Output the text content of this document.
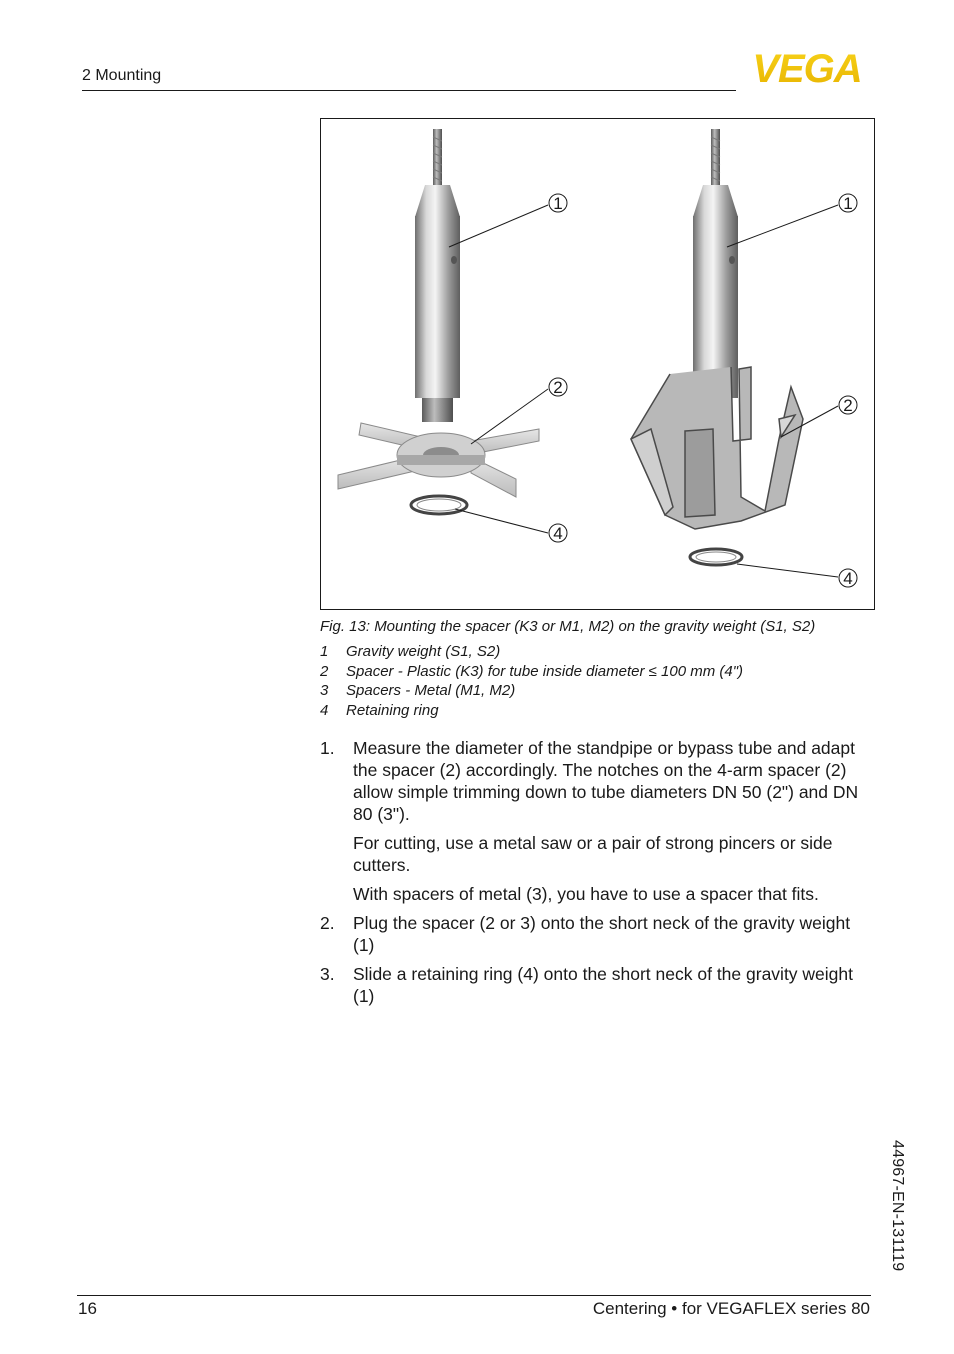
2 Mounting	VEGA
1
2
4
1
2
4
Fig. 13: Mounting the spacer (K3 or M1, M2) on the gravity weight (S1, S2)
1 Gravity weight (S1, S2)
2 Spacer - Plastic (K3) for tube inside diameter ≤ 100 mm (4")
3 Spacers - Metal (M1, M2)
4 Retaining ring
1.	Measure the diameter of the standpipe or bypass tube and adapt the spacer (2) accordingly. The notches on the 4-arm spacer (2) allow simple trimming down to tube diameters DN 50 (2") and DN 80 (3").

For cutting, use a metal saw or a pair of strong pincers or side cutters.

With spacers of metal (3), you have to use a spacer that fits.

2.	Plug the spacer (2 or 3) onto the short neck of the gravity weight (1)

3.	Slide a retaining ring (4) onto the short neck of the gravity weight (1)

44967-EN-131119
16	Centering • for VEGAFLEX series 80
